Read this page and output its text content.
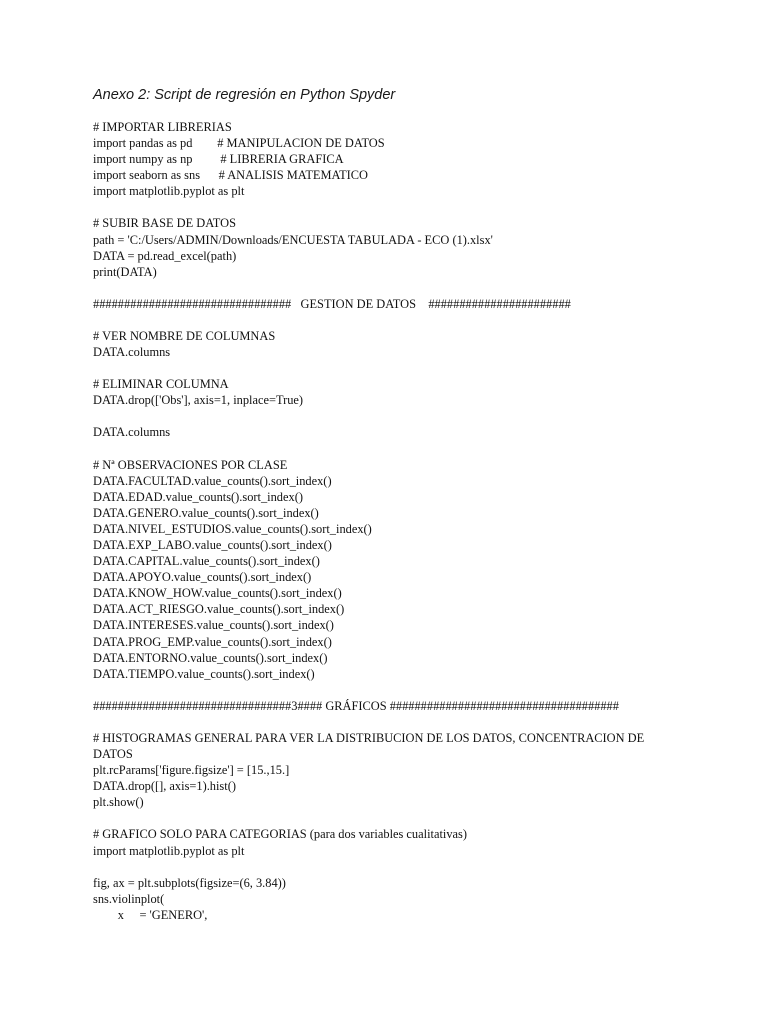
Anexo 2: Script de regresión en Python Spyder
# IMPORTAR LIBRERIAS
import pandas as pd        # MANIPULACION DE DATOS
import numpy as np         # LIBRERIA GRAFICA
import seaborn as sns      # ANALISIS MATEMATICO
import matplotlib.pyplot as plt
# SUBIR BASE DE DATOS
path = 'C:/Users/ADMIN/Downloads/ENCUESTA TABULADA - ECO (1).xlsx'
DATA = pd.read_excel(path)
print(DATA)
################################   GESTION DE DATOS    #######################
# VER NOMBRE DE COLUMNAS
DATA.columns
# ELIMINAR COLUMNA
DATA.drop(['Obs'], axis=1, inplace=True)
DATA.columns
# Nª OBSERVACIONES POR CLASE
DATA.FACULTAD.value_counts().sort_index()
DATA.EDAD.value_counts().sort_index()
DATA.GENERO.value_counts().sort_index()
DATA.NIVEL_ESTUDIOS.value_counts().sort_index()
DATA.EXP_LABO.value_counts().sort_index()
DATA.CAPITAL.value_counts().sort_index()
DATA.APOYO.value_counts().sort_index()
DATA.KNOW_HOW.value_counts().sort_index()
DATA.ACT_RIESGO.value_counts().sort_index()
DATA.INTERESES.value_counts().sort_index()
DATA.PROG_EMP.value_counts().sort_index()
DATA.ENTORNO.value_counts().sort_index()
DATA.TIEMPO.value_counts().sort_index()
################################3#### GRÁFICOS #####################################
# HISTOGRAMAS GENERAL PARA VER LA DISTRIBUCION DE LOS DATOS, CONCENTRACION DE
DATOS
plt.rcParams['figure.figsize'] = [15.,15.]
DATA.drop([], axis=1).hist()
plt.show()
# GRAFICO SOLO PARA CATEGORIAS (para dos variables cualitativas)
import matplotlib.pyplot as plt
fig, ax = plt.subplots(figsize=(6, 3.84))
sns.violinplot(
x     = 'GENERO',
